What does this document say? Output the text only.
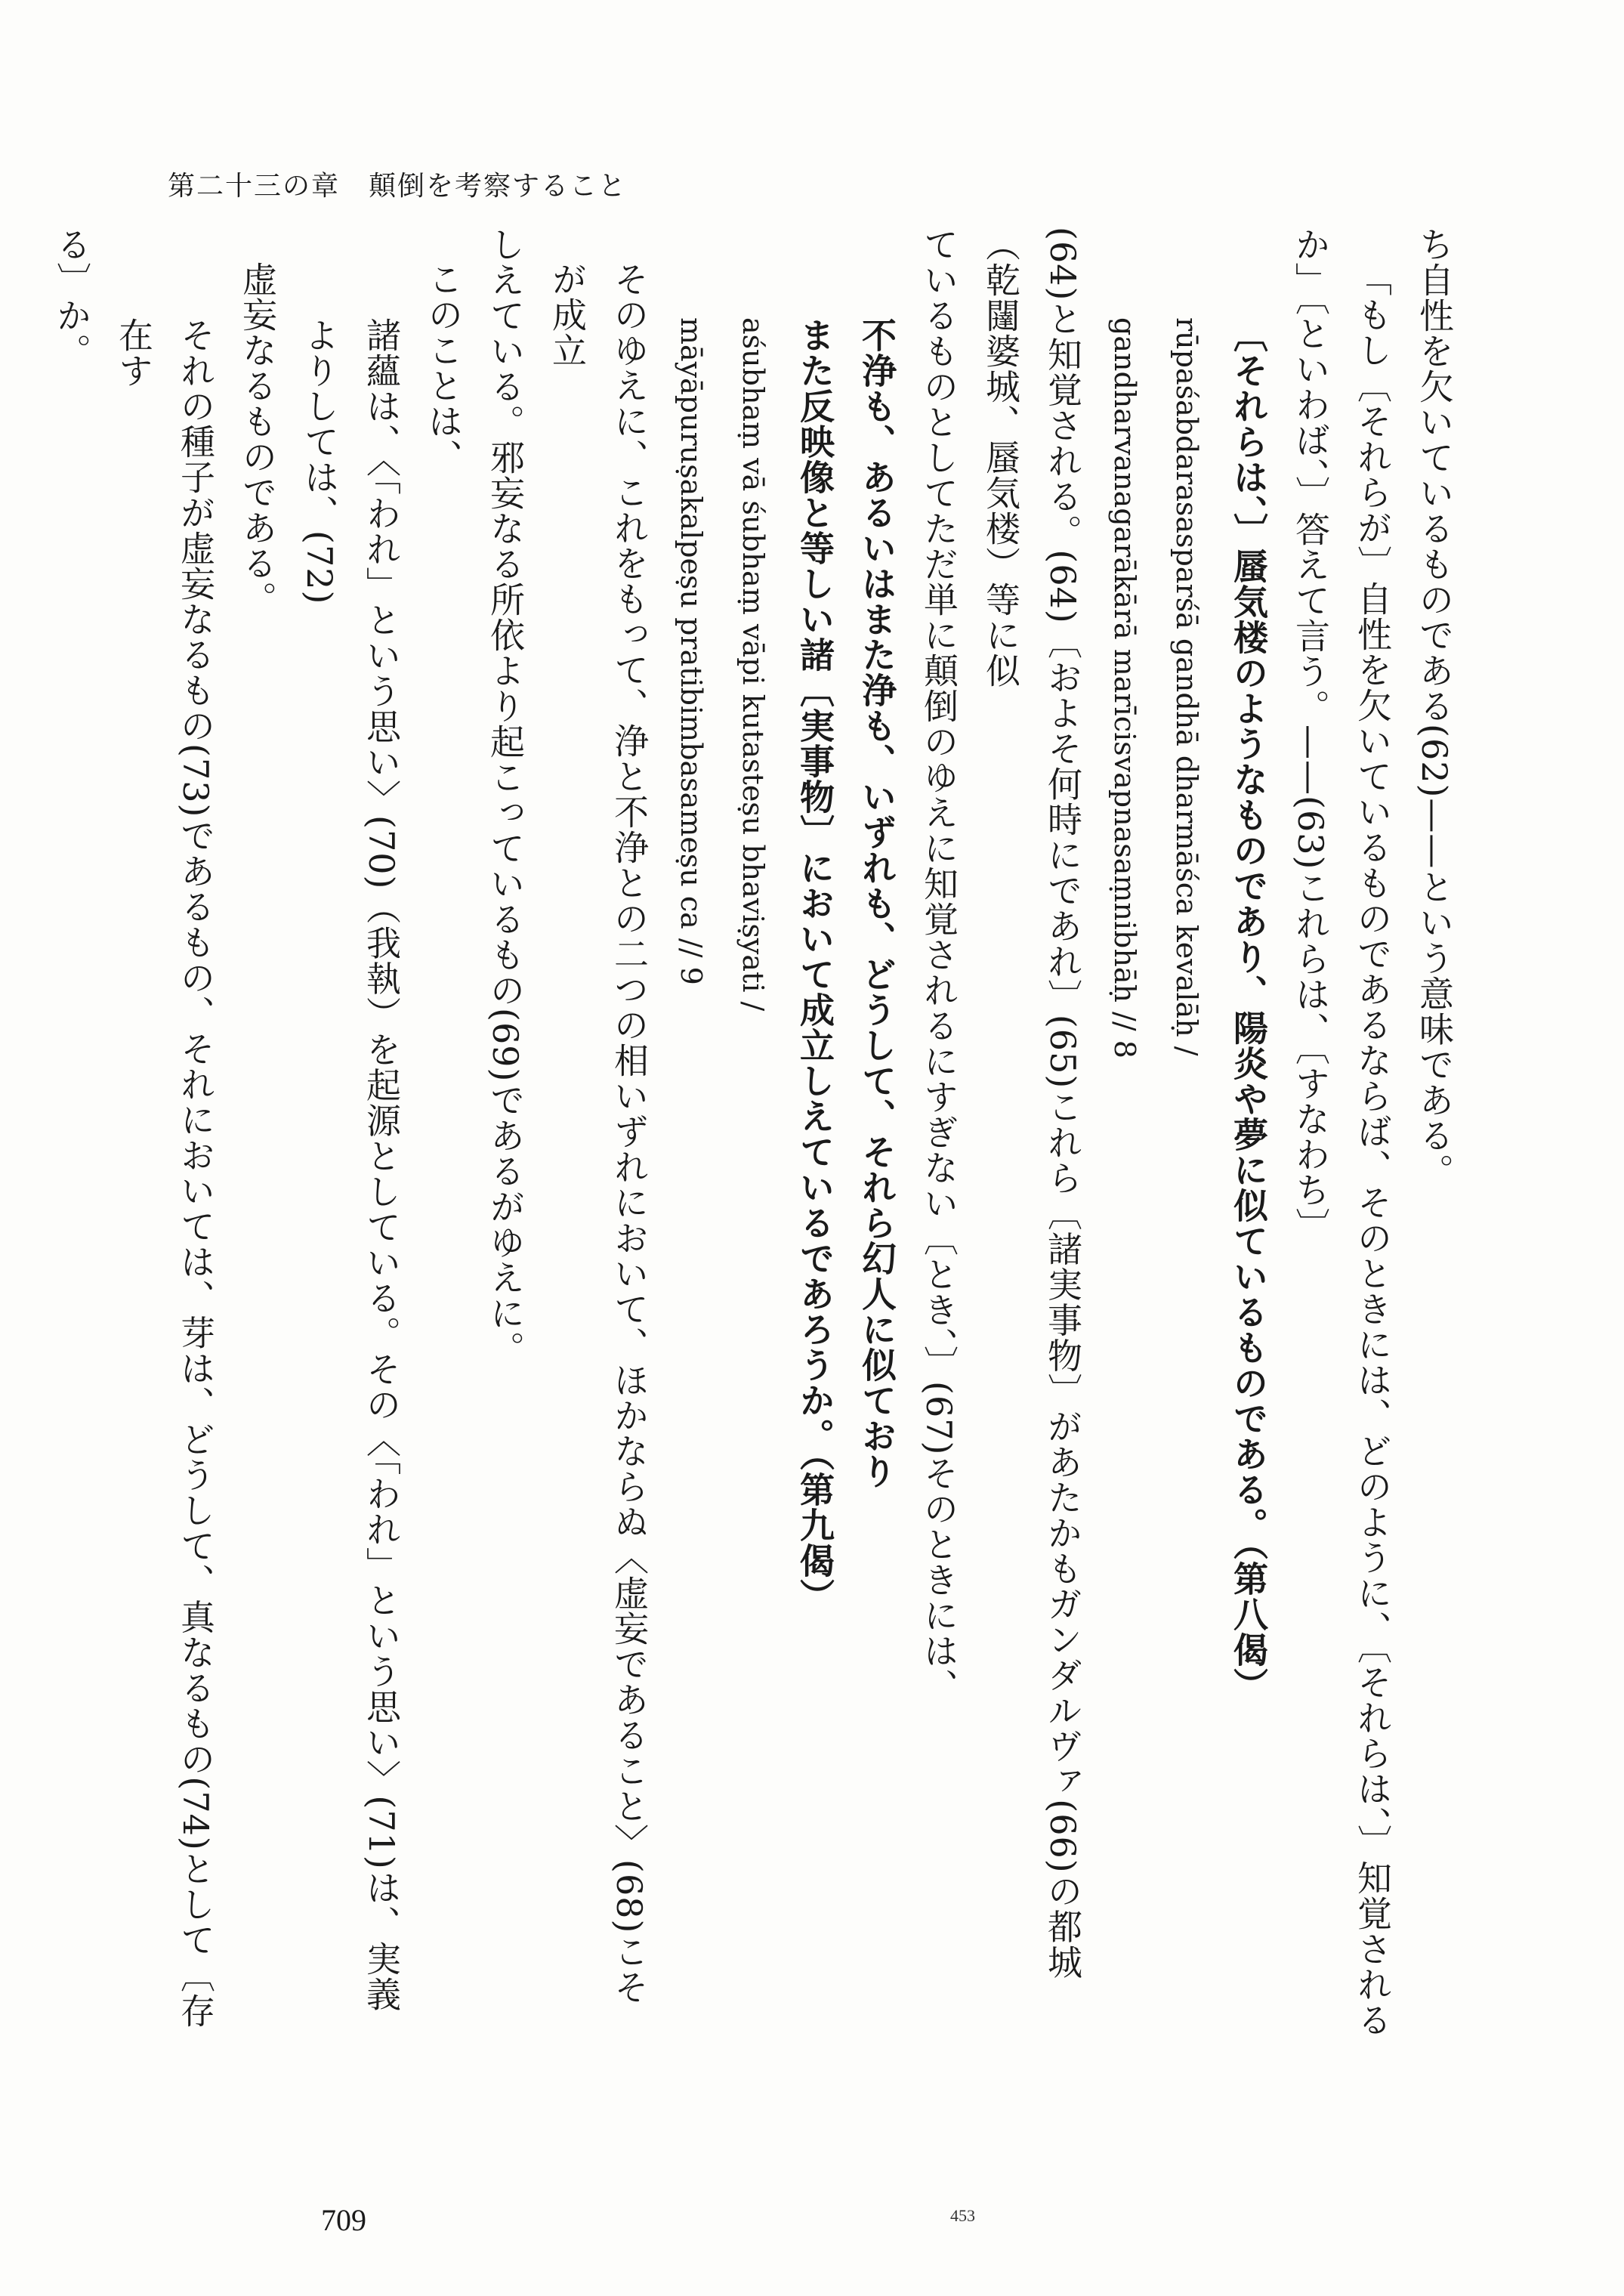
第二十三の章　顛倒を考察すること
ち自性を欠いているものである(62)——という意味である。
「もし〔それらが〕自性を欠いているものであるならば、そのときには、どのように、〔それらは、〕知覚される
か」〔といわば、〕答えて言う。——(63)これらは、〔すなわち〕
〔それらは、〕蜃気楼のようなものであり、陽炎や夢に似ているものである。（第八偈）
rūpaśabdarasasparśā gandhā dharmāśca kevalāḥ /
gandharvanagarākārā marīcisvapnasaṃnibhāḥ // 8
(64)と知覚される。(64)〔およそ何時にであれ〕(65)これら〔諸実事物〕があたかもガンダルヴァ(66)の都城（乾闥婆城、蜃気楼）等に似
ているものとしてただ単に顛倒のゆえに知覚されるにすぎない〔とき、〕(67)そのときには、
不浄も、あるいはまた浄も、いずれも、どうして、それら幻人に似ており
また反映像と等しい諸〔実事物〕において成立しえているであろうか。（第九偈）
aśubhaṃ vā śubhaṃ vāpi kutasteṣu bhaviṣyati /
māyāpuruṣakalpeṣu pratibimbasameṣu ca // 9
そのゆえに、これをもって、浄と不浄との二つの相いずれにおいて、ほかならぬ〈虚妄であること〉(68)こそが成立
しえている。邪妄なる所依より起こっているもの(69)であるがゆえに。
このことは、
諸蘊は、〈「われ」という思い〉(70)（我執）を起源としている。その〈「われ」という思い〉(71)は、実義よりしては、(72)
虚妄なるものである。
それの種子が虚妄なるもの(73)であるもの、それにおいては、芽は、どうして、真なるもの(74)として〔存在す
る〕か。
709	453
